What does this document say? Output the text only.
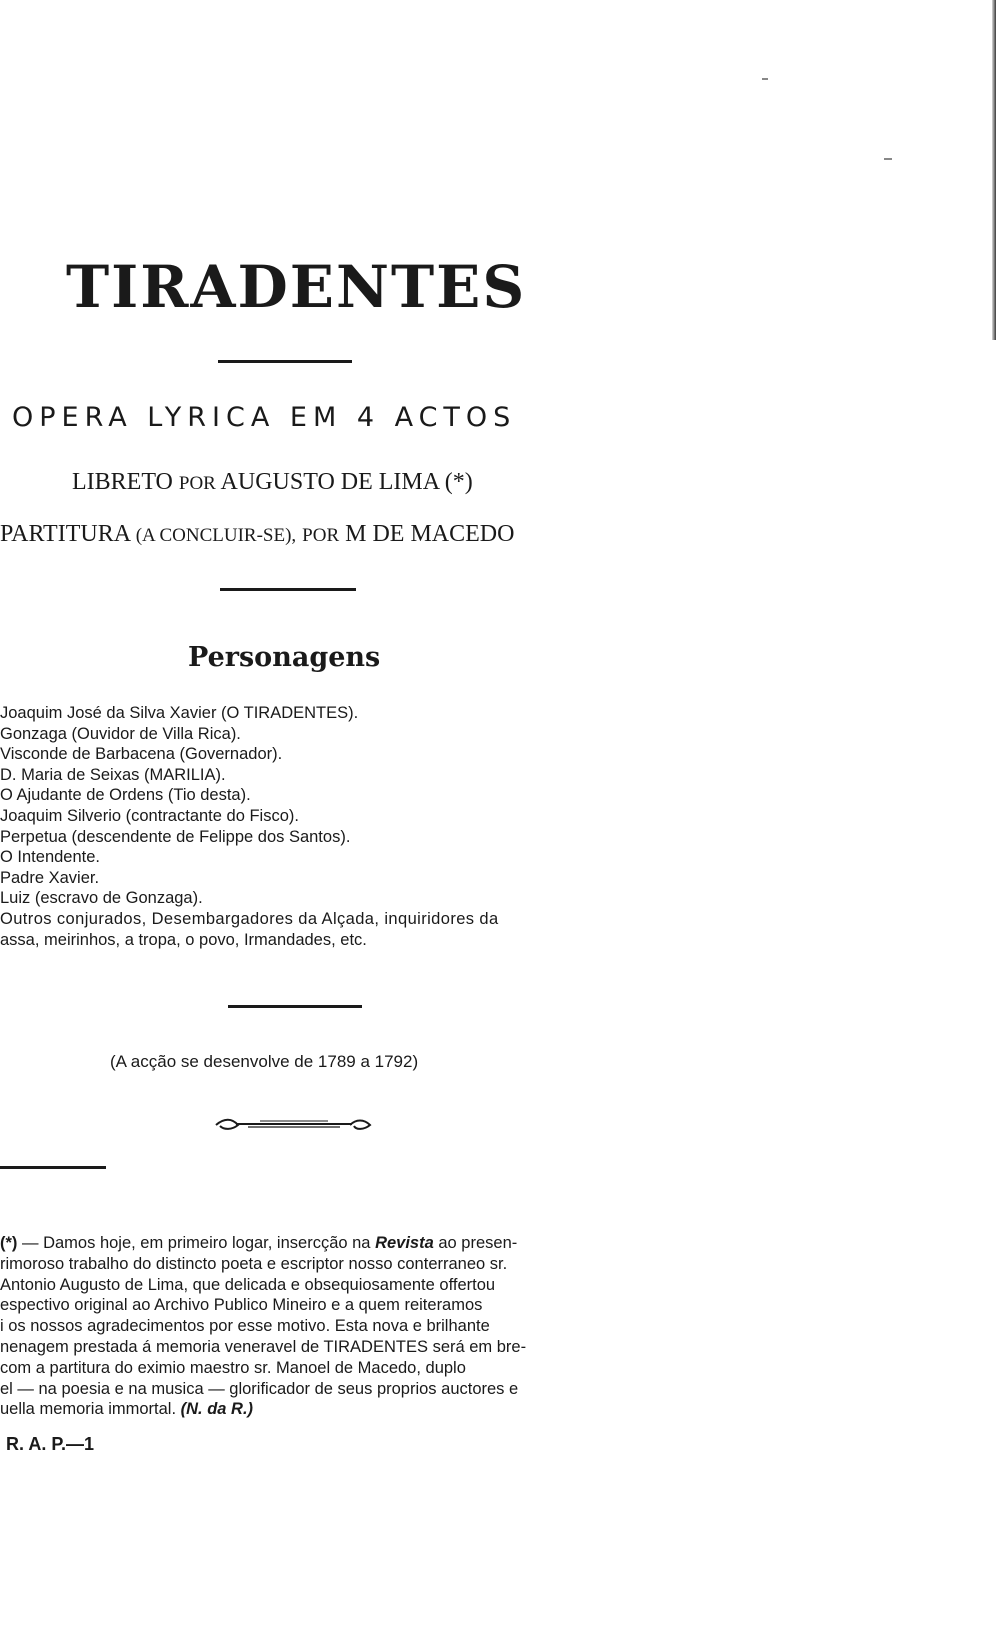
TIRADENTES
OPERA LYRICA EM 4 ACTOS
LIBRETO POR AUGUSTO DE LIMA (*)
PARTITURA (A CONCLUIR-SE), POR M DE MACEDO
Personagens
Joaquim José da Silva Xavier (O TIRADENTES).
Gonzaga (Ouvidor de Villa Rica).
Visconde de Barbacena (Governador).
D. Maria de Seixas (MARILIA).
O Ajudante de Ordens (Tio desta).
Joaquim Silverio (contractante do Fisco).
Perpetua (descendente de Felippe dos Santos).
O Intendente.
Padre Xavier.
Luiz (escravo de Gonzaga).
Outros conjurados, Desembargadores da Alçada, inquiridores da
assa, meirinhos, a tropa, o povo, Irmandades, etc.
(A acção se desenvolve de 1789 a 1792)
(*) — Damos hoje, em primeiro logar, insercção na Revista ao presen-
rimoroso trabalho do distincto poeta e escriptor nosso conterraneo sr.
Antonio Augusto de Lima, que delicada e obsequiosamente offertou
espectivo original ao Archivo Publico Mineiro e a quem reiteramos
i os nossos agradecimentos por esse motivo. Esta nova e brilhante
nenagem prestada á memoria veneravel de TIRADENTES será em bre-
com a partitura do eximio maestro sr. Manoel de Macedo, duplo
el — na poesia e na musica — glorificador de seus proprios auctores e
uella memoria immortal. (N. da R.)
R. A. P.—1
